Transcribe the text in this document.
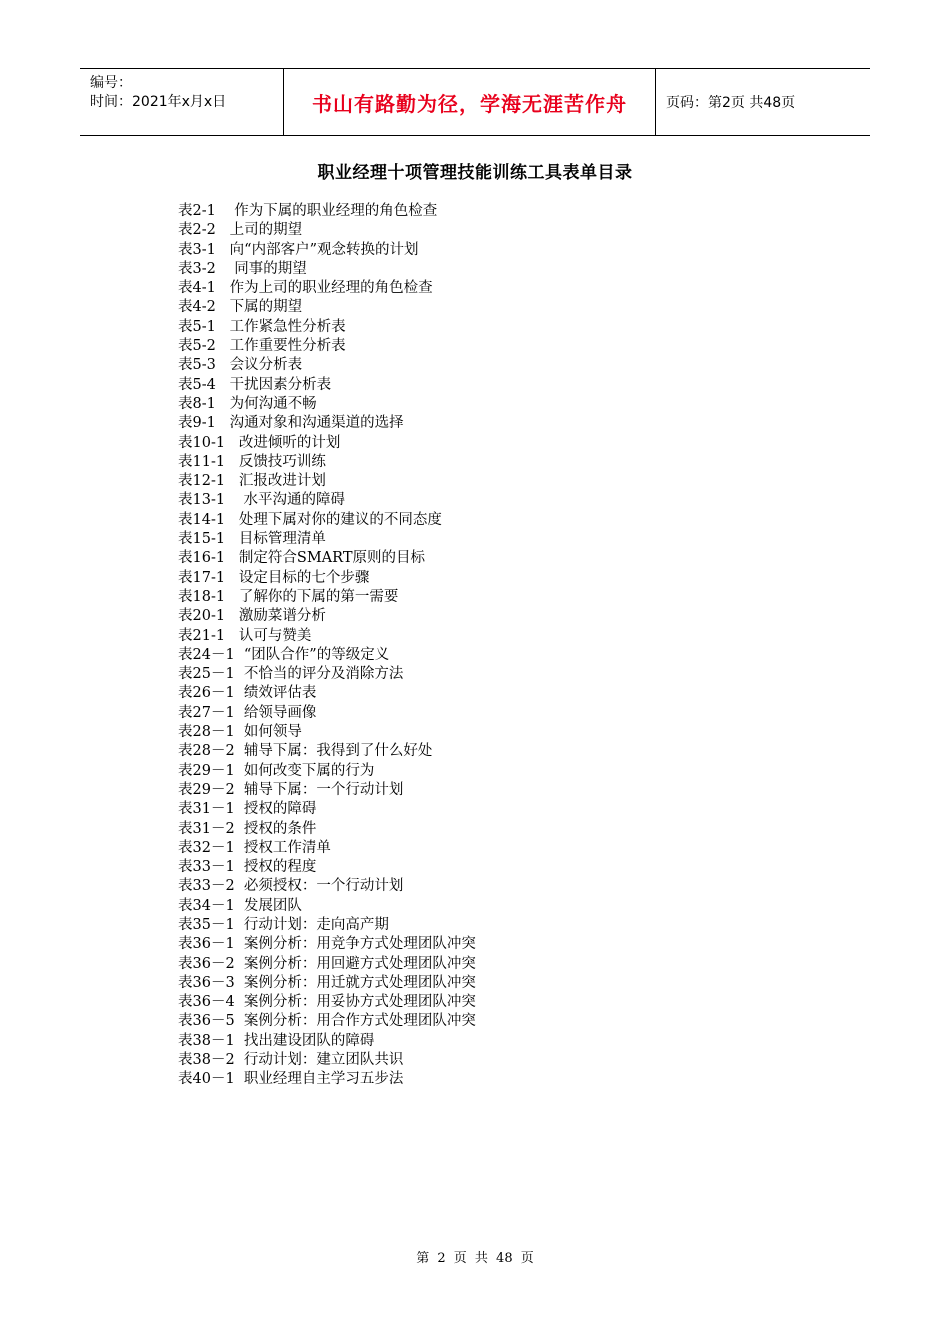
编号：
时间：2021年x月x日	书山有路勤为径，学海无涯苦作舟	页码：第2页 共48页
职业经理十项管理技能训练工具表单目录
表2-1    作为下属的职业经理的角色检查
表2-2   上司的期望
表3-1   向“内部客户”观念转换的计划
表3-2    同事的期望
表4-1   作为上司的职业经理的角色检查
表4-2   下属的期望
表5-1   工作紧急性分析表
表5-2   工作重要性分析表
表5-3   会议分析表
表5-4   干扰因素分析表
表8-1   为何沟通不畅
表9-1   沟通对象和沟通渠道的选择
表10-1   改进倾听的计划
表11-1   反馈技巧训练
表12-1   汇报改进计划
表13-1    水平沟通的障碍
表14-1   处理下属对你的建议的不同态度
表15-1   目标管理清单
表16-1   制定符合SMART原则的目标
表17-1   设定目标的七个步骤
表18-1   了解你的下属的第一需要
表20-1   激励菜谱分析
表21-1   认可与赞美
表24－1  “团队合作”的等级定义
表25－1  不恰当的评分及消除方法
表26－1  绩效评估表
表27－1  给领导画像
表28－1  如何领导
表28－2  辅导下属：我得到了什么好处
表29－1  如何改变下属的行为
表29－2  辅导下属：一个行动计划
表31－1  授权的障碍
表31－2  授权的条件
表32－1  授权工作清单
表33－1  授权的程度
表33－2  必须授权：一个行动计划
表34－1  发展团队
表35－1  行动计划：走向高产期
表36－1  案例分析：用竞争方式处理团队冲突
表36－2  案例分析：用回避方式处理团队冲突
表36－3  案例分析：用迁就方式处理团队冲突
表36－4  案例分析：用妥协方式处理团队冲突
表36－5  案例分析：用合作方式处理团队冲突
表38－1  找出建设团队的障碍
表38－2  行动计划：建立团队共识
表40－1  职业经理自主学习五步法
第 2 页 共 48 页
